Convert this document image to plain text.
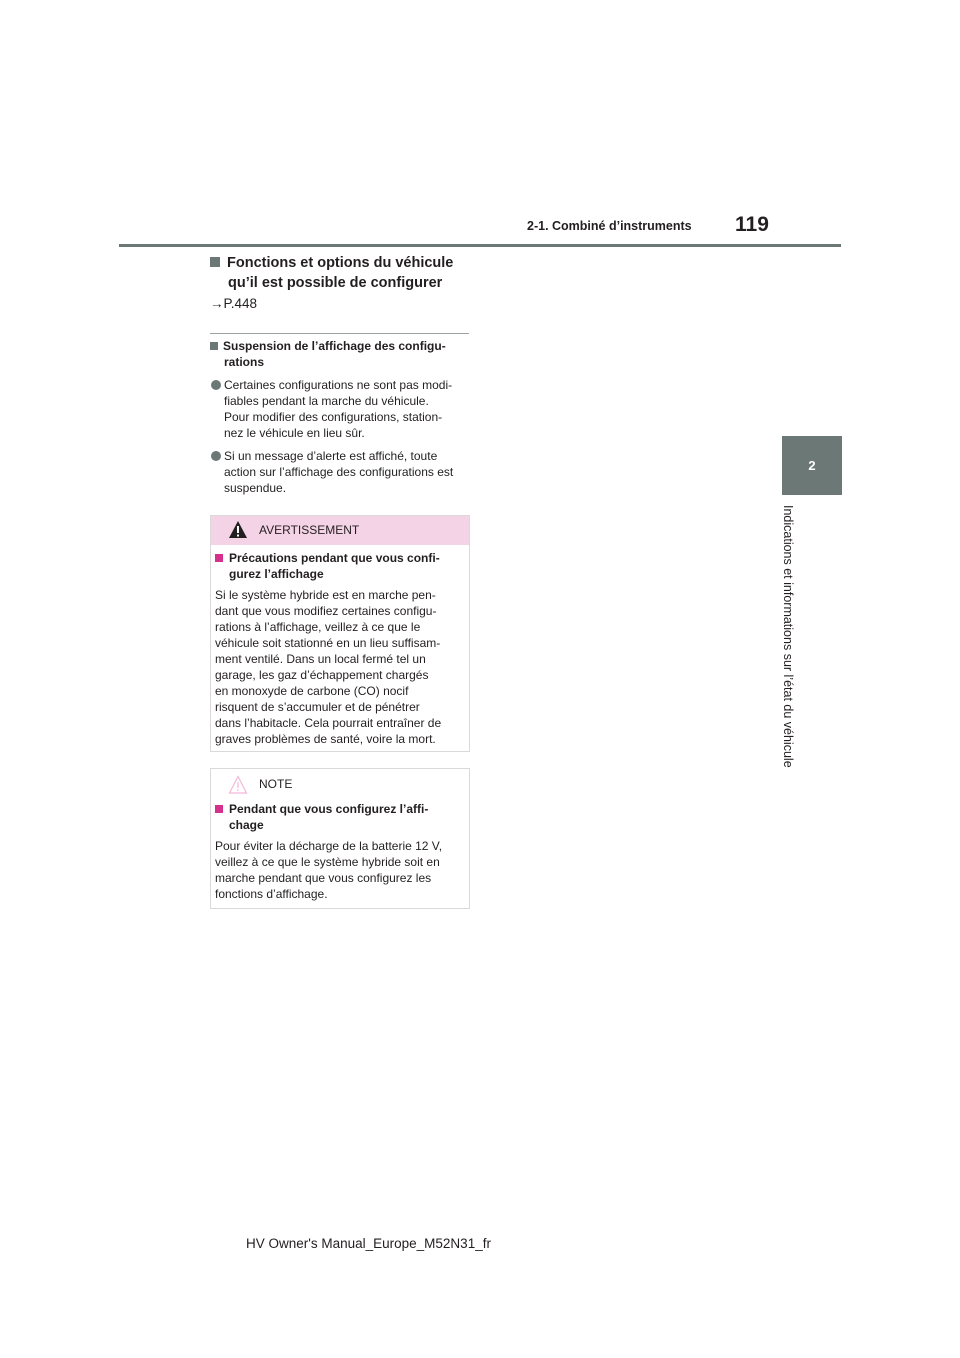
2-1. Combiné d’instruments 119
2
Indications et informations sur l’état du véhicule
Fonctions et options du véhicule
qu’il est possible de configurer
→P.448
Suspension de l’affichage des configu-
rations
Certaines configurations ne sont pas modi-
fiables pendant la marche du véhicule.
Pour modifier des configurations, station-
nez le véhicule en lieu sûr.
Si un message d’alerte est affiché, toute
action sur l’affichage des configurations est
suspendue.
AVERTISSEMENT
Précautions pendant que vous confi-
gurez l’affichage
Si le système hybride est en marche pen-
dant que vous modifiez certaines configu-
rations à l’affichage, veillez à ce que le
véhicule soit stationné en un lieu suffisam-
ment ventilé. Dans un local fermé tel un
garage, les gaz d’échappement chargés
en monoxyde de carbone (CO) nocif
risquent de s’accumuler et de pénétrer
dans l’habitacle. Cela pourrait entraîner de
graves problèmes de santé, voire la mort.
NOTE
Pendant que vous configurez l’affi-
chage
Pour éviter la décharge de la batterie 12 V,
veillez à ce que le système hybride soit en
marche pendant que vous configurez les
fonctions d’affichage.
HV Owner's Manual_Europe_M52N31_fr
